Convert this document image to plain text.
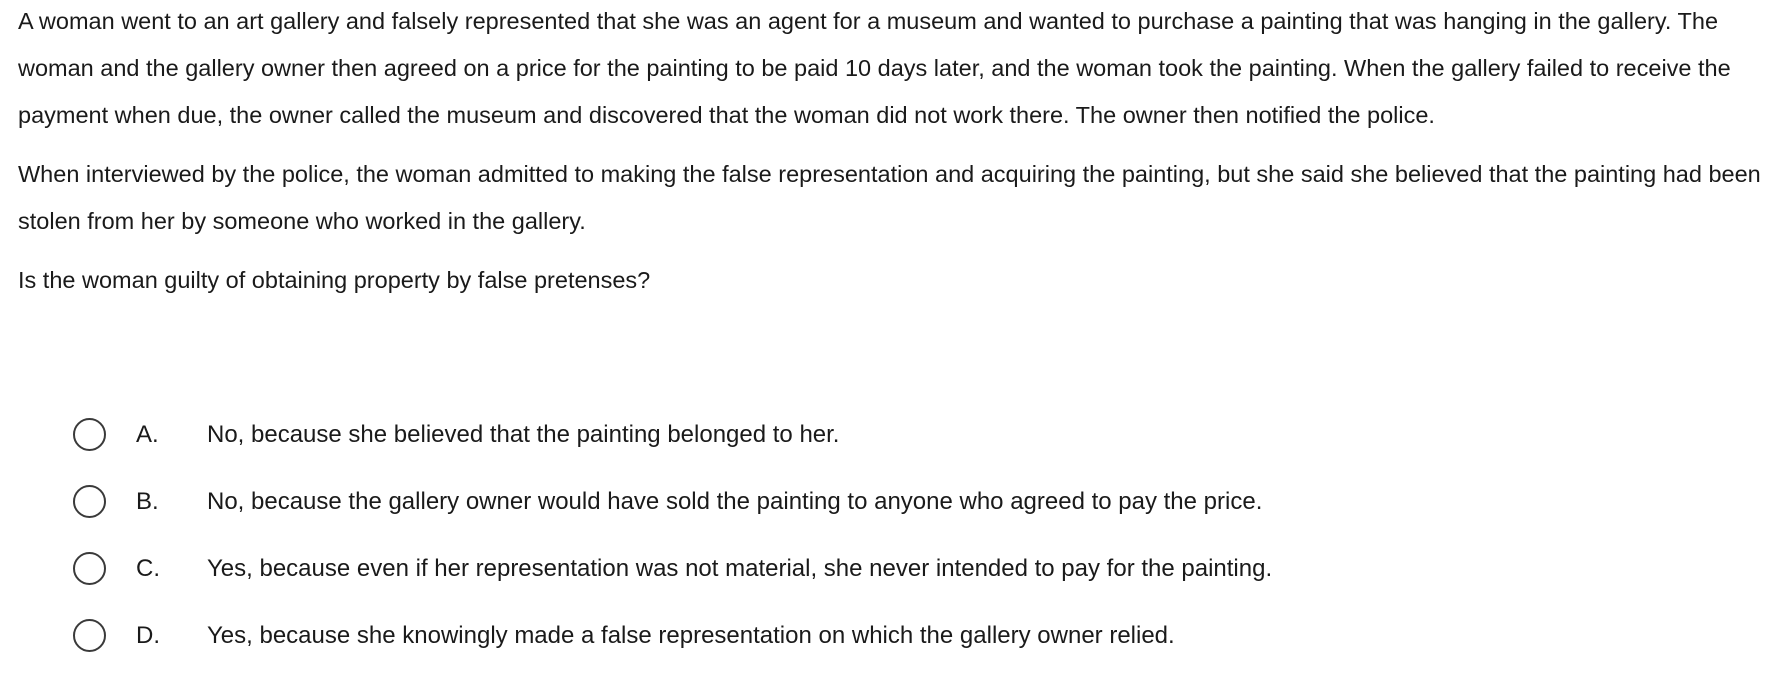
A woman went to an art gallery and falsely represented that she was an agent for a museum and wanted to purchase a painting that was hanging in the gallery. The woman and the gallery owner then agreed on a price for the painting to be paid 10 days later, and the woman took the painting. When the gallery failed to receive the payment when due, the owner called the museum and discovered that the woman did not work there. The owner then notified the police.

When interviewed by the police, the woman admitted to making the false representation and acquiring the painting, but she said she believed that the painting had been stolen from her by someone who worked in the gallery.

Is the woman guilty of obtaining property by false pretenses?

A. No, because she believed that the painting belonged to her.
B. No, because the gallery owner would have sold the painting to anyone who agreed to pay the price.
C. Yes, because even if her representation was not material, she never intended to pay for the painting.
D. Yes, because she knowingly made a false representation on which the gallery owner relied.
